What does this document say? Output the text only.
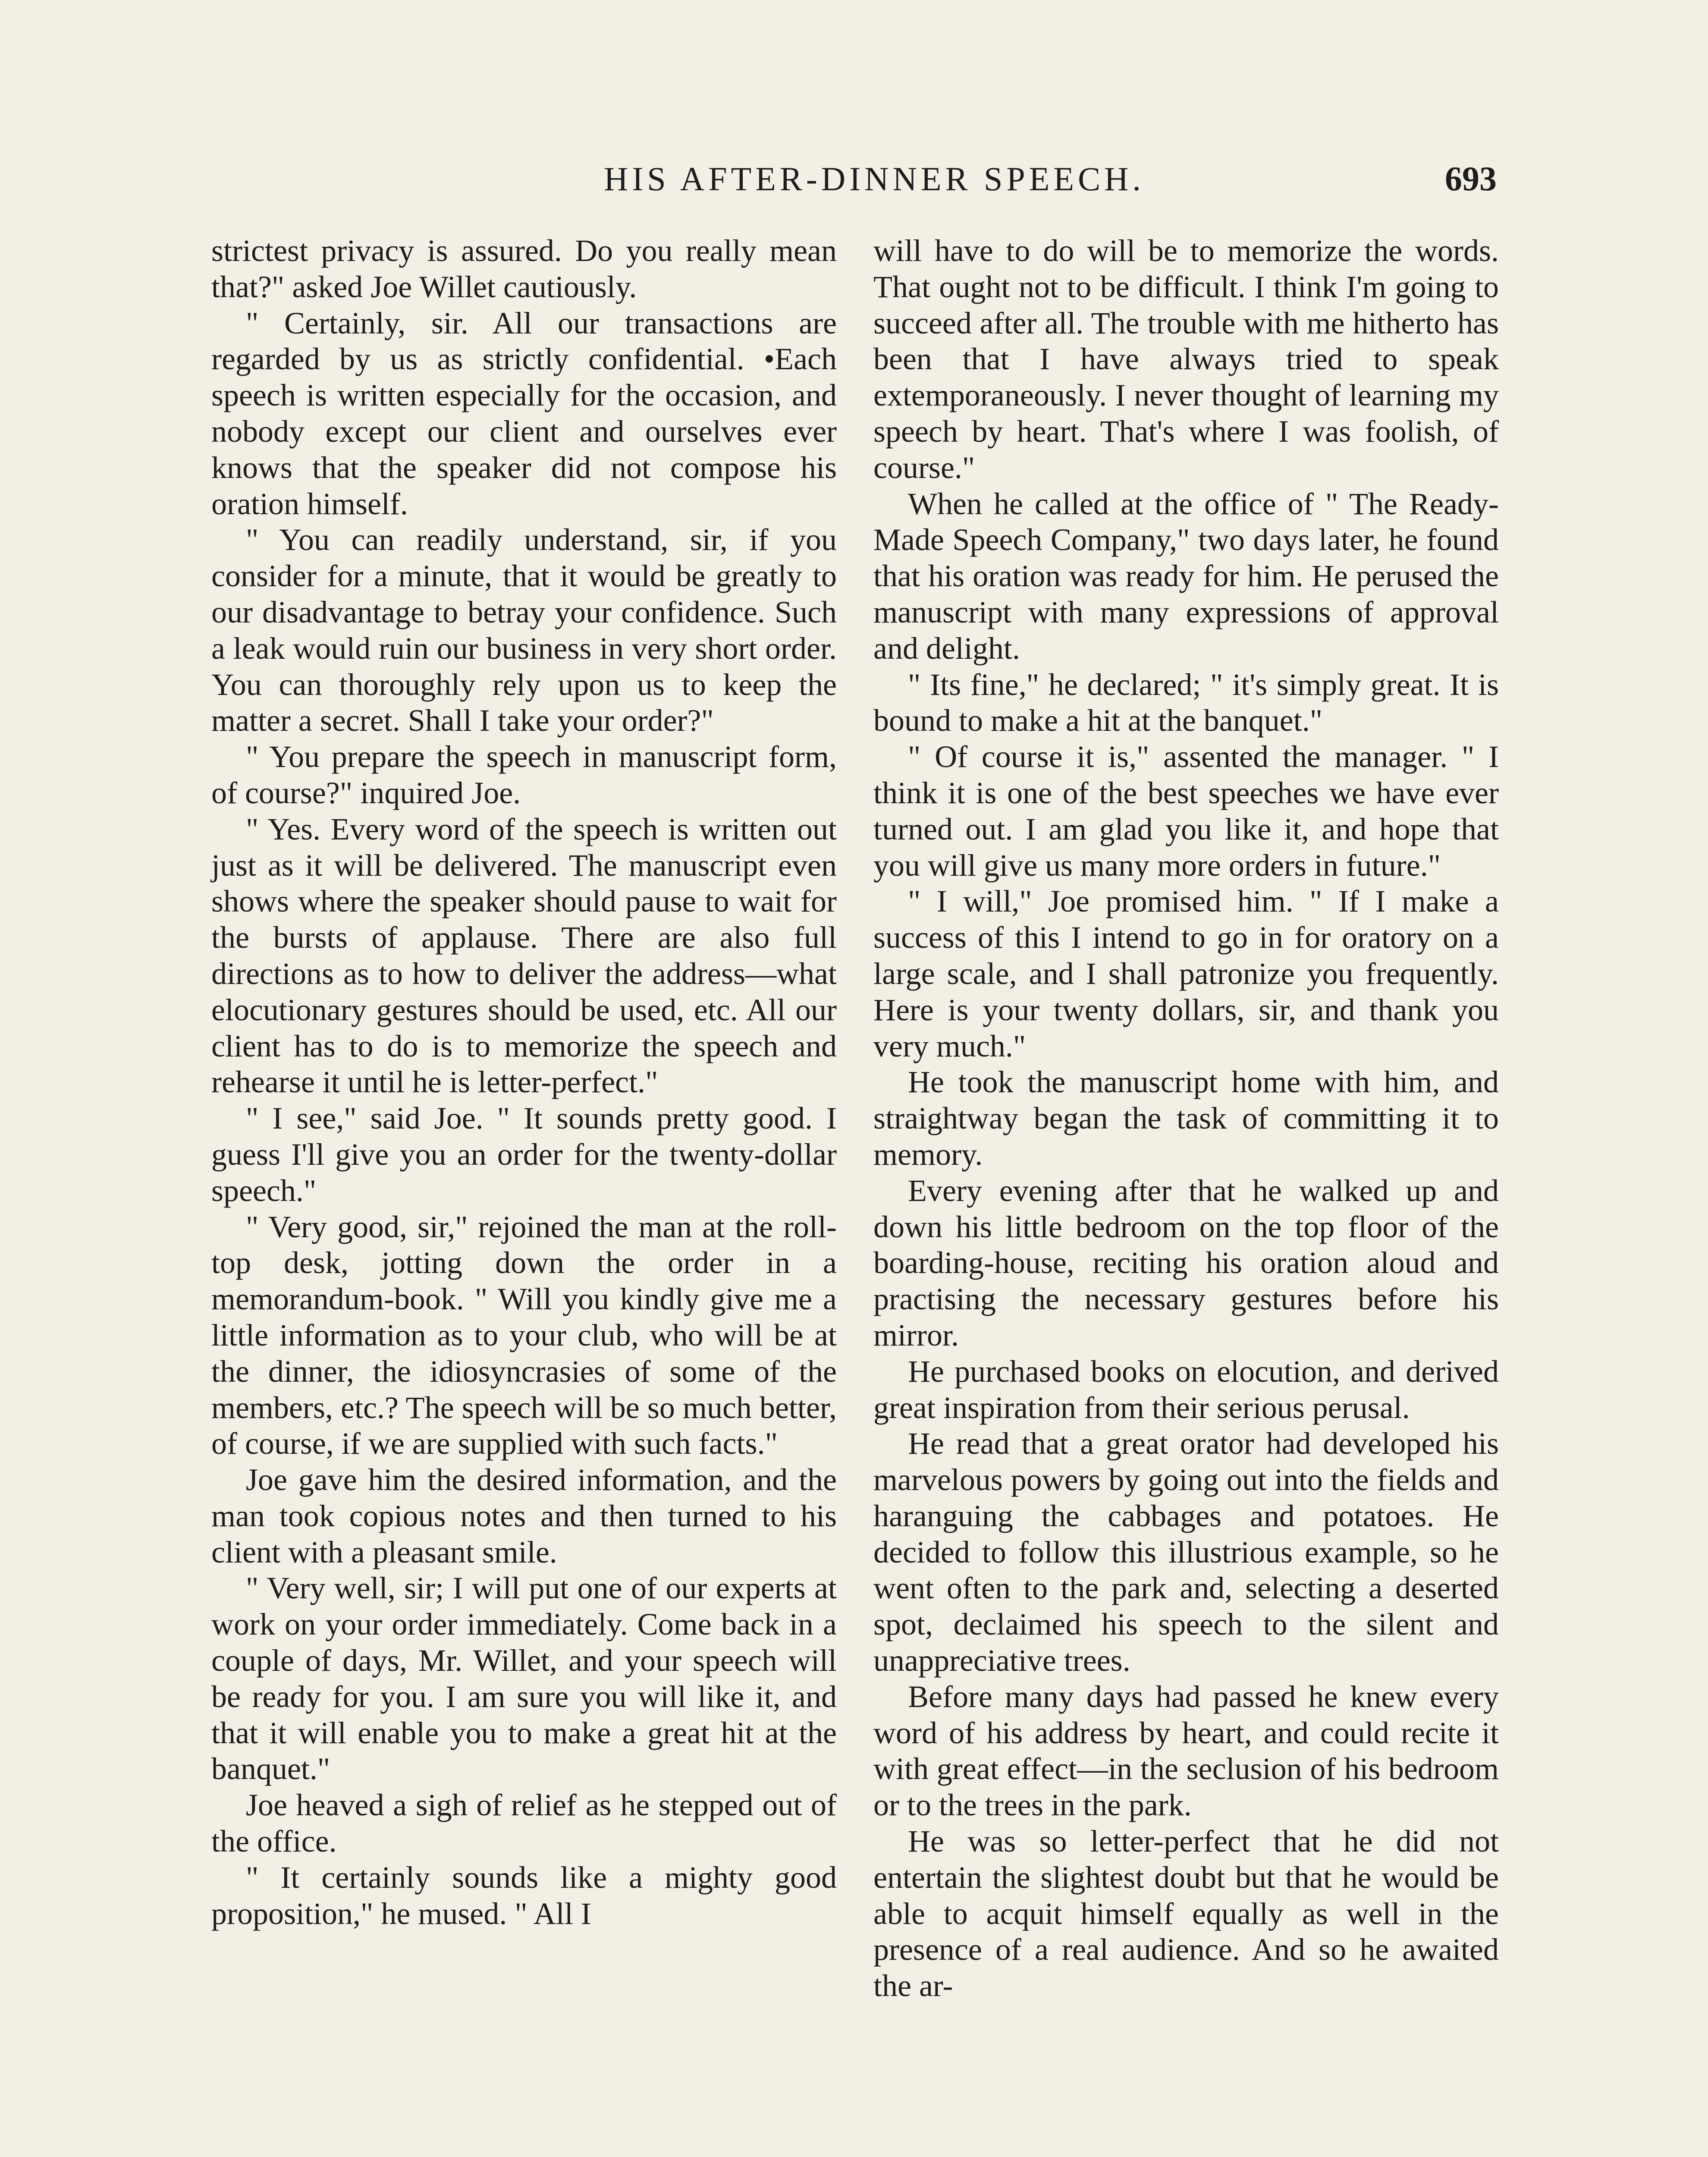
HIS AFTER-DINNER SPEECH.	693

strictest privacy is assured. Do you really mean that?" asked Joe Willet cautiously.

" Certainly, sir. All our transactions are regarded by us as strictly confidential. •Each speech is written especially for the occasion, and nobody except our client and ourselves ever knows that the speaker did not compose his oration himself.

" You can readily understand, sir, if you consider for a minute, that it would be greatly to our disadvantage to betray your confidence. Such a leak would ruin our business in very short order. You can thoroughly rely upon us to keep the matter a secret. Shall I take your order?"

" You prepare the speech in manuscript form, of course?" inquired Joe.

" Yes. Every word of the speech is written out just as it will be delivered. The manuscript even shows where the speaker should pause to wait for the bursts of applause. There are also full directions as to how to deliver the address—what elocutionary gestures should be used, etc. All our client has to do is to memorize the speech and rehearse it until he is letter-perfect."

" I see," said Joe. " It sounds pretty good. I guess I'll give you an order for the twenty-dollar speech."

" Very good, sir," rejoined the man at the roll-top desk, jotting down the order in a memorandum-book. " Will you kindly give me a little information as to your club, who will be at the dinner, the idiosyncrasies of some of the members, etc.? The speech will be so much better, of course, if we are supplied with such facts."

Joe gave him the desired information, and the man took copious notes and then turned to his client with a pleasant smile.

" Very well, sir; I will put one of our experts at work on your order immediately. Come back in a couple of days, Mr. Willet, and your speech will be ready for you. I am sure you will like it, and that it will enable you to make a great hit at the banquet."

Joe heaved a sigh of relief as he stepped out of the office.

" It certainly sounds like a mighty good proposition," he mused. " All I

will have to do will be to memorize the words. That ought not to be difficult. I think I'm going to succeed after all. The trouble with me hitherto has been that I have always tried to speak extemporaneously. I never thought of learning my speech by heart. That's where I was foolish, of course."

When he called at the office of " The Ready-Made Speech Company," two days later, he found that his oration was ready for him. He perused the manuscript with many expressions of approval and delight.

" Its fine," he declared; " it's simply great. It is bound to make a hit at the banquet."

" Of course it is," assented the manager. " I think it is one of the best speeches we have ever turned out. I am glad you like it, and hope that you will give us many more orders in future."

" I will," Joe promised him. " If I make a success of this I intend to go in for oratory on a large scale, and I shall patronize you frequently. Here is your twenty dollars, sir, and thank you very much."

He took the manuscript home with him, and straightway began the task of committing it to memory.

Every evening after that he walked up and down his little bedroom on the top floor of the boarding-house, reciting his oration aloud and practising the necessary gestures before his mirror.

He purchased books on elocution, and derived great inspiration from their serious perusal.

He read that a great orator had developed his marvelous powers by going out into the fields and haranguing the cabbages and potatoes. He decided to follow this illustrious example, so he went often to the park and, selecting a deserted spot, declaimed his speech to the silent and unappreciative trees.

Before many days had passed he knew every word of his address by heart, and could recite it with great effect—in the seclusion of his bedroom or to the trees in the park.

He was so letter-perfect that he did not entertain the slightest doubt but that he would be able to acquit himself equally as well in the presence of a real audience. And so he awaited the ar-
